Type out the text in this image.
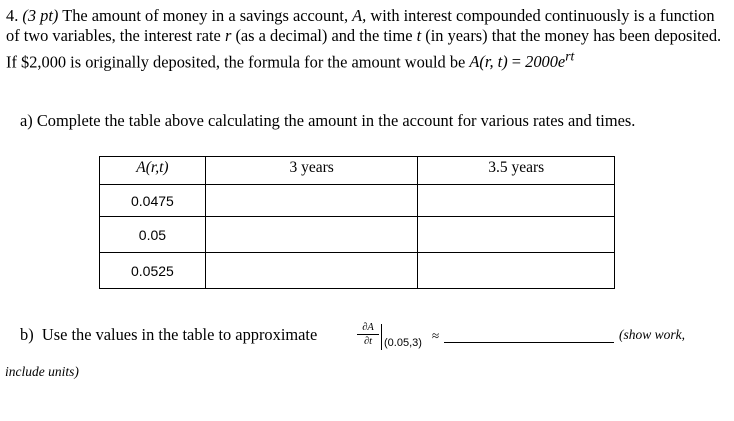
4. (3 pt) The amount of money in a savings account, A, with interest compounded continuously is a function of two variables, the interest rate r (as a decimal) and the time t (in years) that the money has been deposited. If $2,000 is originally deposited, the formula for the amount would be A(r, $t) = 2000e^{rt}$
a) Complete the table above calculating the amount in the account for various rates and times.
A(r,t)	3 years	3.5 years
0.0475		
0.05		
0.0525		
b) Use the values in the table to approximate	$\frac{\partial A}{\partial t} (0.05,3)$ ≈	(show work,
include units)
